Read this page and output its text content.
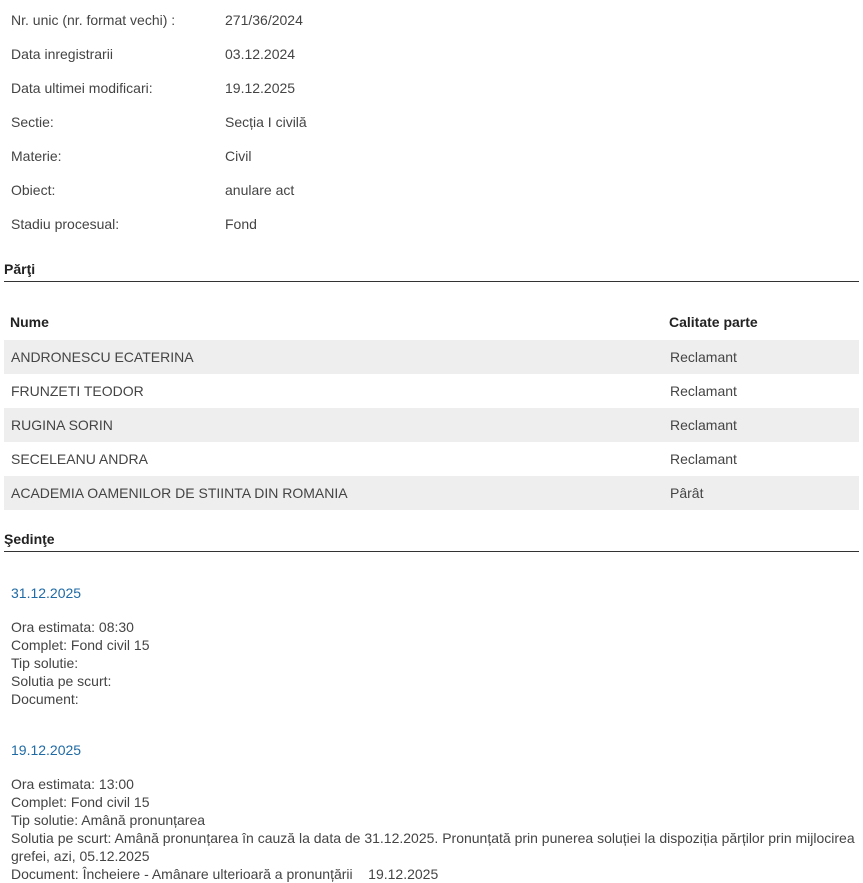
Nr. unic (nr. format vechi) :	271/36/2024
Data inregistrarii	03.12.2024
Data ultimei modificari:	19.12.2025
Sectie:	Secția I civilă
Materie:	Civil
Obiect:	anulare act
Stadiu procesual:	Fond
Părţi
Nume	Calitate parte
ANDRONESCU ECATERINA	Reclamant
FRUNZETI TEODOR	Reclamant
RUGINA SORIN	Reclamant
SECELEANU ANDRA	Reclamant
ACADEMIA OAMENILOR DE STIINTA DIN ROMANIA	Pârât
Şedinţe
31.12.2025
Ora estimata: 08:30
Complet: Fond civil 15
Tip solutie:
Solutia pe scurt:
Document:
19.12.2025
Ora estimata: 13:00
Complet: Fond civil 15
Tip solutie: Amână pronunțarea
Solutia pe scurt: Amână pronunțarea în cauză la data de 31.12.2025. Pronunțată prin punerea soluției la dispoziția părților prin mijlocirea grefei, azi, 05.12.2025
Document: Încheiere - Amânare ulterioară a pronunțării    19.12.2025
